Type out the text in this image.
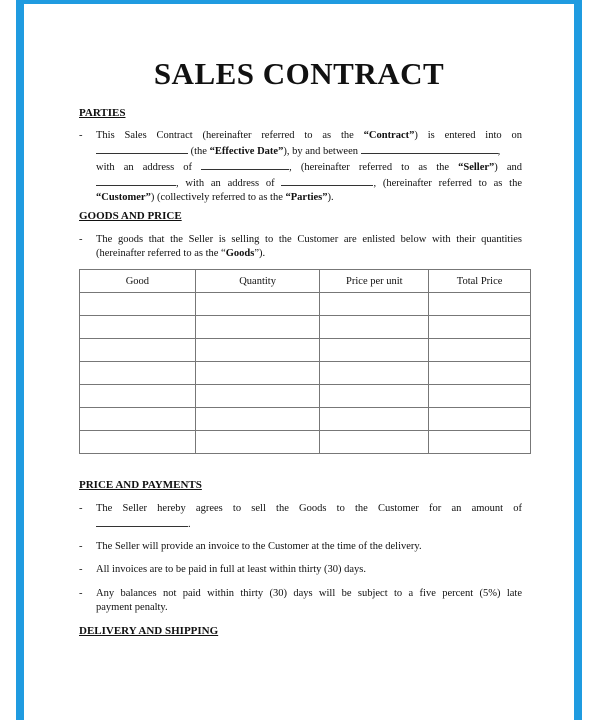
SALES CONTRACT
PARTIES
- This Sales Contract (hereinafter referred to as the “Contract”) is entered into on
(the “Effective Date”), by and between	,
with an address of	, (hereinafter referred to as the “Seller”) and
, with an address of	, (hereinafter referred to as the
“Customer”) (collectively referred to as the “Parties”).
GOODS AND PRICE
- The goods that the Seller is selling to the Customer are enlisted below with their quantities
(hereinafter referred to as the “Goods”).
Good	Quantity	Price per unit	Total Price

PRICE AND PAYMENTS
- The Seller hereby agrees to sell the Goods to the Customer for an amount of
.
- The Seller will provide an invoice to the Customer at the time of the delivery.
- All invoices are to be paid in full at least within thirty (30) days.
- Any balances not paid within thirty (30) days will be subject to a five percent (5%) late
payment penalty.
DELIVERY AND SHIPPING
